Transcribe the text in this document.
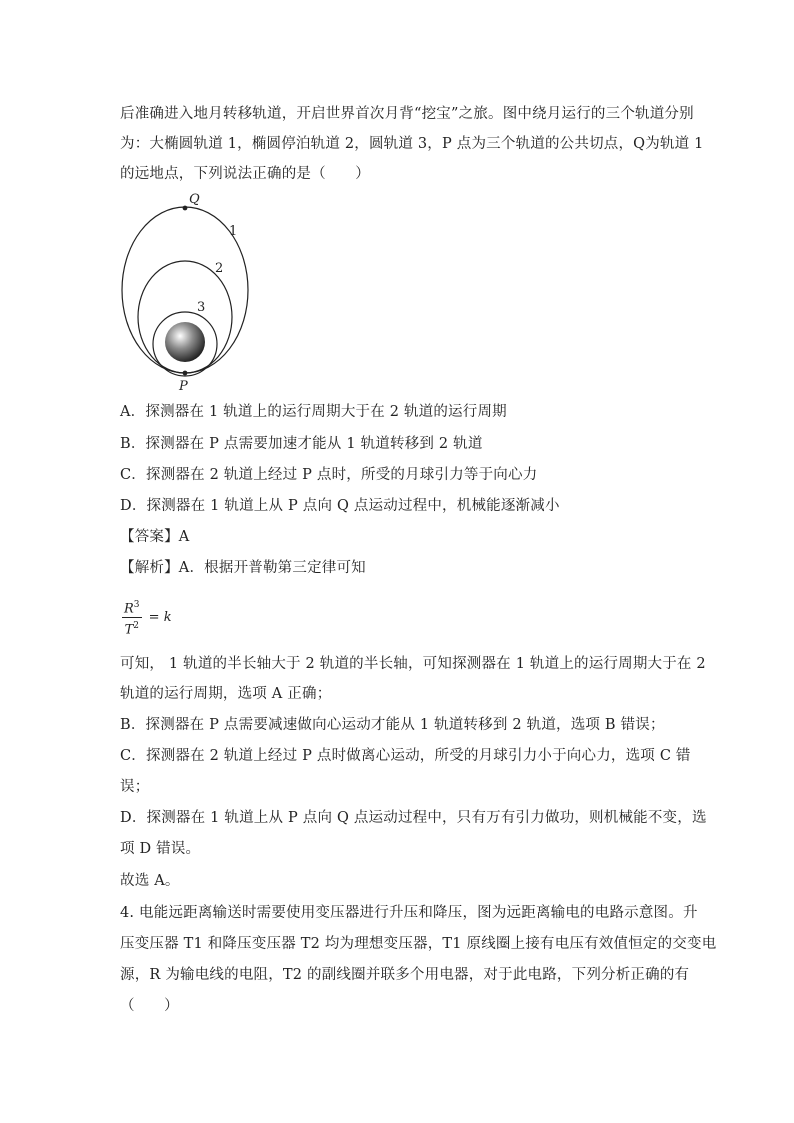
后准确进入地月转移轨道，开启世界首次月背“挖宝”之旅。图中绕月运行的三个轨道分别
为：大椭圆轨道 1，椭圆停泊轨道 2，圆轨道 3，P 点为三个轨道的公共切点，Q为轨道 1
的远地点，下列说法正确的是（　　）
Q
P
1
2
3
A．探测器在 1 轨道上的运行周期大于在 2 轨道的运行周期
B．探测器在 P 点需要加速才能从 1 轨道转移到 2 轨道
C．探测器在 2 轨道上经过 P 点时，所受的月球引力等于向心力
D．探测器在 1 轨道上从 P 点向 Q 点运动过程中，机械能逐渐减小
【答案】A
【解析】A．根据开普勒第三定律可知
$\frac{R^3}{T^2} = k$
可知， 1 轨道的半长轴大于 2 轨道的半长轴，可知探测器在 1 轨道上的运行周期大于在 2
轨道的运行周期，选项 A 正确；
B．探测器在 P 点需要减速做向心运动才能从 1 轨道转移到 2 轨道，选项 B 错误；
C．探测器在 2 轨道上经过 P 点时做离心运动，所受的月球引力小于向心力，选项 C 错
误；
D．探测器在 1 轨道上从 P 点向 Q 点运动过程中，只有万有引力做功，则机械能不变，选
项 D 错误。
故选 A。
4. 电能远距离输送时需要使用变压器进行升压和降压，图为远距离输电的电路示意图。升
压变压器 T1 和降压变压器 T2 均为理想变压器，T1 原线圈上接有电压有效值恒定的交变电
源，R 为输电线的电阻，T2 的副线圈并联多个用电器，对于此电路，下列分析正确的有
（　　）
